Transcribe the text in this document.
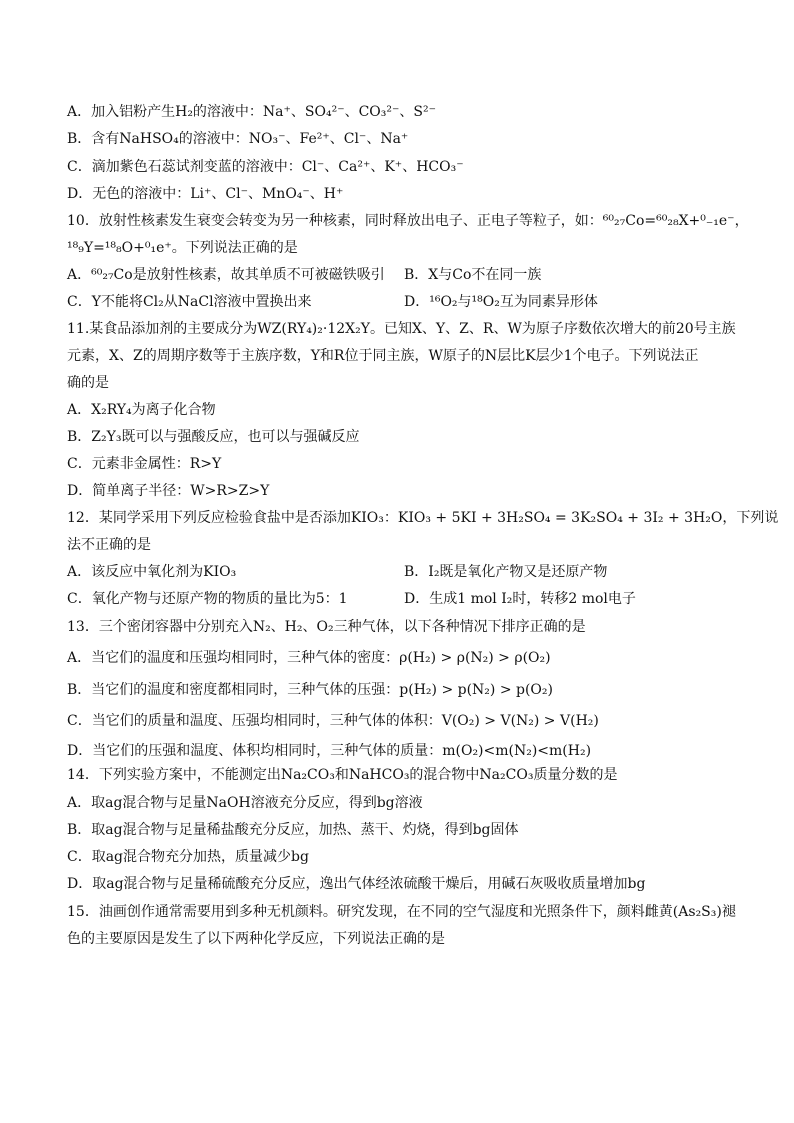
A．加入铝粉产生H₂的溶液中：Na⁺、SO₄²⁻、CO₃²⁻、S²⁻
B．含有NaHSO₄的溶液中：NO₃⁻、Fe²⁺、Cl⁻、Na⁺
C．滴加紫色石蕊试剂变蓝的溶液中：Cl⁻、Ca²⁺、K⁺、HCO₃⁻
D．无色的溶液中：Li⁺、Cl⁻、MnO₄⁻、H⁺
10．放射性核素发生衰变会转变为另一种核素，同时释放出电子、正电子等粒子，如：⁶⁰₂₇Co=⁶⁰₂₈X+⁰₋₁e⁻，
¹⁸₉Y=¹⁸₈O+⁰₁e⁺。下列说法正确的是
A．⁶⁰₂₇Co是放射性核素，故其单质不可被磁铁吸引 B．X与Co不在同一族
C．Y不能将Cl₂从NaCl溶液中置换出来	D．¹⁶O₂与¹⁸O₂互为同素异形体
11.某食品添加剂的主要成分为WZ(RY₄)₂·12X₂Y。已知X、Y、Z、R、W为原子序数依次增大的前20号主族
元素，X、Z的周期序数等于主族序数，Y和R位于同主族，W原子的N层比K层少1个电子。下列说法正
确的是
A．X₂RY₄为离子化合物
B．Z₂Y₃既可以与强酸反应，也可以与强碱反应
C．元素非金属性：R>Y
D．简单离子半径：W>R>Z>Y
12．某同学采用下列反应检验食盐中是否添加KIO₃：KIO₃ + 5KI + 3H₂SO₄ = 3K₂SO₄ + 3I₂ + 3H₂O，下列说
法不正确的是
A．该反应中氧化剂为KIO₃	B．I₂既是氧化产物又是还原产物
C．氧化产物与还原产物的物质的量比为5：1	D．生成1 mol I₂时，转移2 mol电子
13．三个密闭容器中分别充入N₂、H₂、O₂三种气体，以下各种情况下排序正确的是
A．当它们的温度和压强均相同时，三种气体的密度：ρ(H₂) > ρ(N₂) > ρ(O₂)
B．当它们的温度和密度都相同时，三种气体的压强：p(H₂) > p(N₂) > p(O₂)
C．当它们的质量和温度、压强均相同时，三种气体的体积：V(O₂) > V(N₂) > V(H₂)
D．当它们的压强和温度、体积均相同时，三种气体的质量：m(O₂)<m(N₂)<m(H₂)
14．下列实验方案中，不能测定出Na₂CO₃和NaHCO₃的混合物中Na₂CO₃质量分数的是
A．取ag混合物与足量NaOH溶液充分反应，得到bg溶液
B．取ag混合物与足量稀盐酸充分反应，加热、蒸干、灼烧，得到bg固体
C．取ag混合物充分加热，质量减少bg
D．取ag混合物与足量稀硫酸充分反应，逸出气体经浓硫酸干燥后，用碱石灰吸收质量增加bg
15．油画创作通常需要用到多种无机颜料。研究发现，在不同的空气湿度和光照条件下，颜料雌黄(As₂S₃)褪
色的主要原因是发生了以下两种化学反应，下列说法正确的是
